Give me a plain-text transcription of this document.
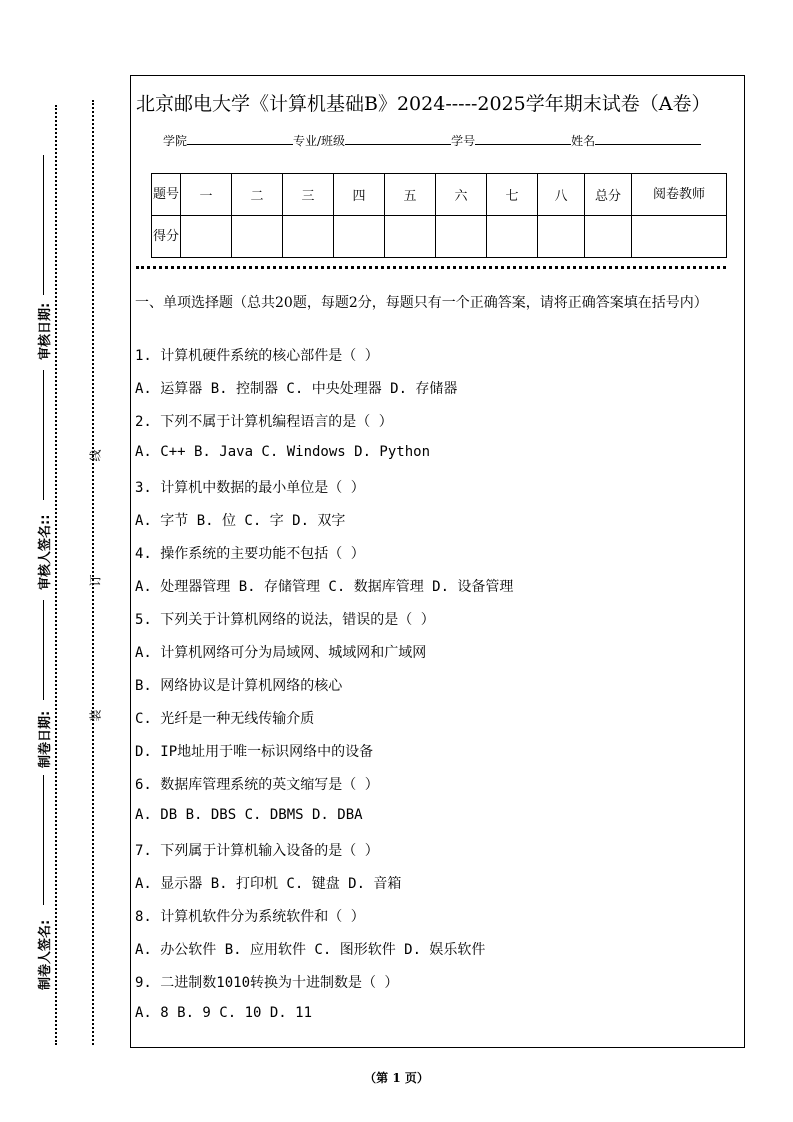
审核日期:
审核人签名::
制卷日期:
制卷人签名:
线
订
装
北京邮电大学《计算机基础B》2024-----2025学年期末试卷（A卷）
学院	专业/班级	学号	姓名
题号	一	二	三	四	五	六	七	八	总分	阅卷教师
得分										
一、单项选择题（总共20题，每题2分，每题只有一个正确答案，请将正确答案填在括号内）
1. 计算机硬件系统的核心部件是（ ）
A. 运算器 B. 控制器 C. 中央处理器 D. 存储器
2. 下列不属于计算机编程语言的是（ ）
A. C++ B. Java C. Windows D. Python
3. 计算机中数据的最小单位是（ ）
A. 字节 B. 位 C. 字 D. 双字
4. 操作系统的主要功能不包括（ ）
A. 处理器管理 B. 存储管理 C. 数据库管理 D. 设备管理
5. 下列关于计算机网络的说法，错误的是（ ）
A. 计算机网络可分为局域网、城域网和广域网
B. 网络协议是计算机网络的核心
C. 光纤是一种无线传输介质
D. IP地址用于唯一标识网络中的设备
6. 数据库管理系统的英文缩写是（ ）
A. DB B. DBS C. DBMS D. DBA
7. 下列属于计算机输入设备的是（ ）
A. 显示器 B. 打印机 C. 键盘 D. 音箱
8. 计算机软件分为系统软件和（ ）
A. 办公软件 B. 应用软件 C. 图形软件 D. 娱乐软件
9. 二进制数1010转换为十进制数是（ ）
A. 8 B. 9 C. 10 D. 11
（第 1 页）
